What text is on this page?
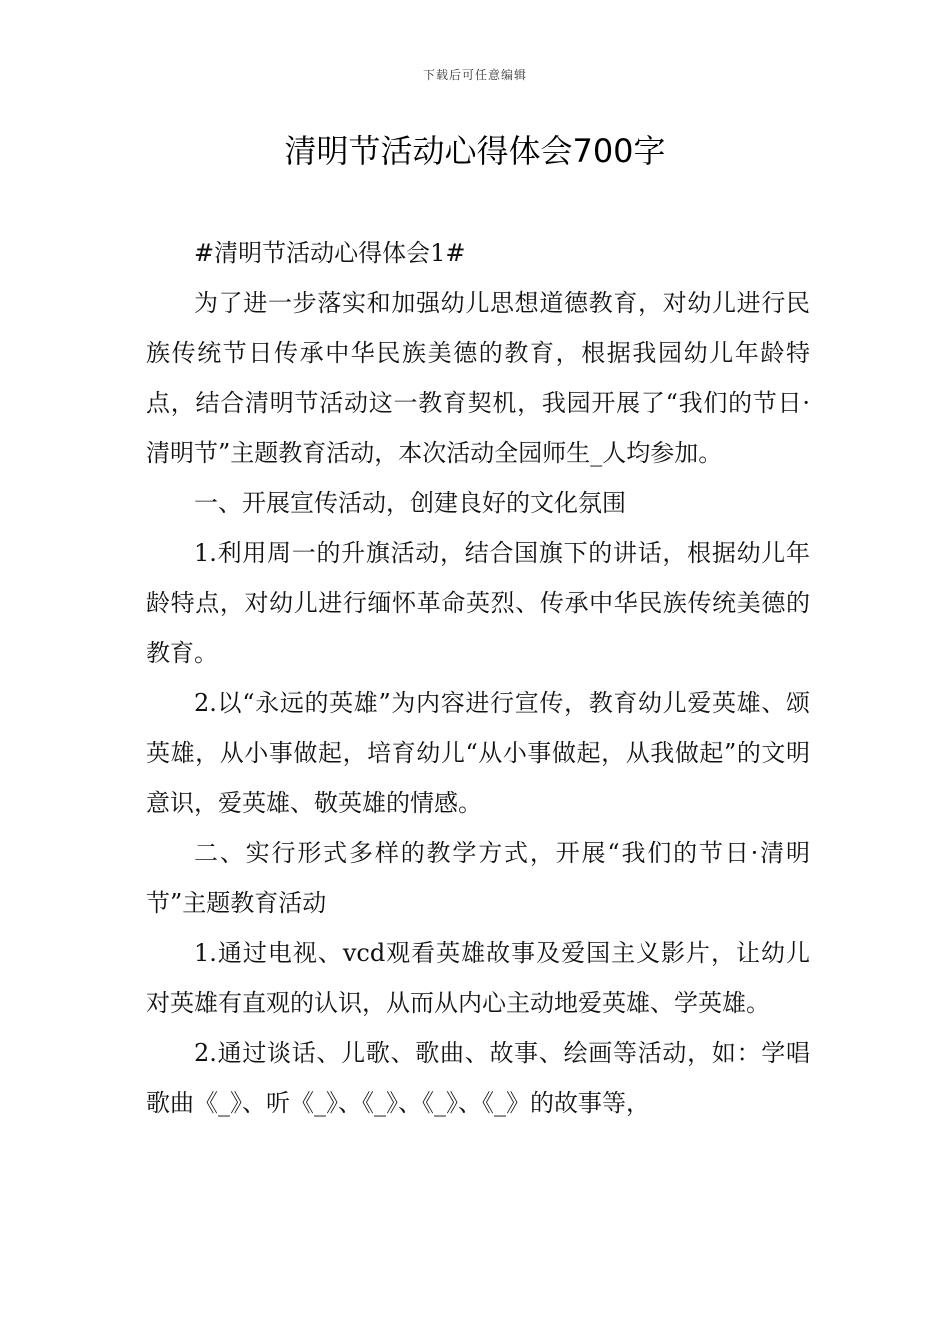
下载后可任意编辑
清明节活动心得体会700字

#清明节活动心得体会1#

为了进一步落实和加强幼儿思想道德教育，对幼儿进行民族传统节日传承中华民族美德的教育，根据我园幼儿年龄特点，结合清明节活动这一教育契机，我园开展了“我们的节日·清明节”主题教育活动，本次活动全园师生_人均参加。

一、开展宣传活动，创建良好的文化氛围

1.利用周一的升旗活动，结合国旗下的讲话，根据幼儿年龄特点，对幼儿进行缅怀革命英烈、传承中华民族传统美德的教育。

2.以“永远的英雄”为内容进行宣传，教育幼儿爱英雄、颂英雄，从小事做起，培育幼儿“从小事做起，从我做起”的文明意识，爱英雄、敬英雄的情感。

二、实行形式多样的教学方式，开展“我们的节日·清明节”主题教育活动

1.通过电视、vcd观看英雄故事及爱国主义影片，让幼儿对英雄有直观的认识，从而从内心主动地爱英雄、学英雄。

2.通过谈话、儿歌、歌曲、故事、绘画等活动，如：学唱歌曲《_》、听《_》、《_》、《_》、《_》的故事等，
